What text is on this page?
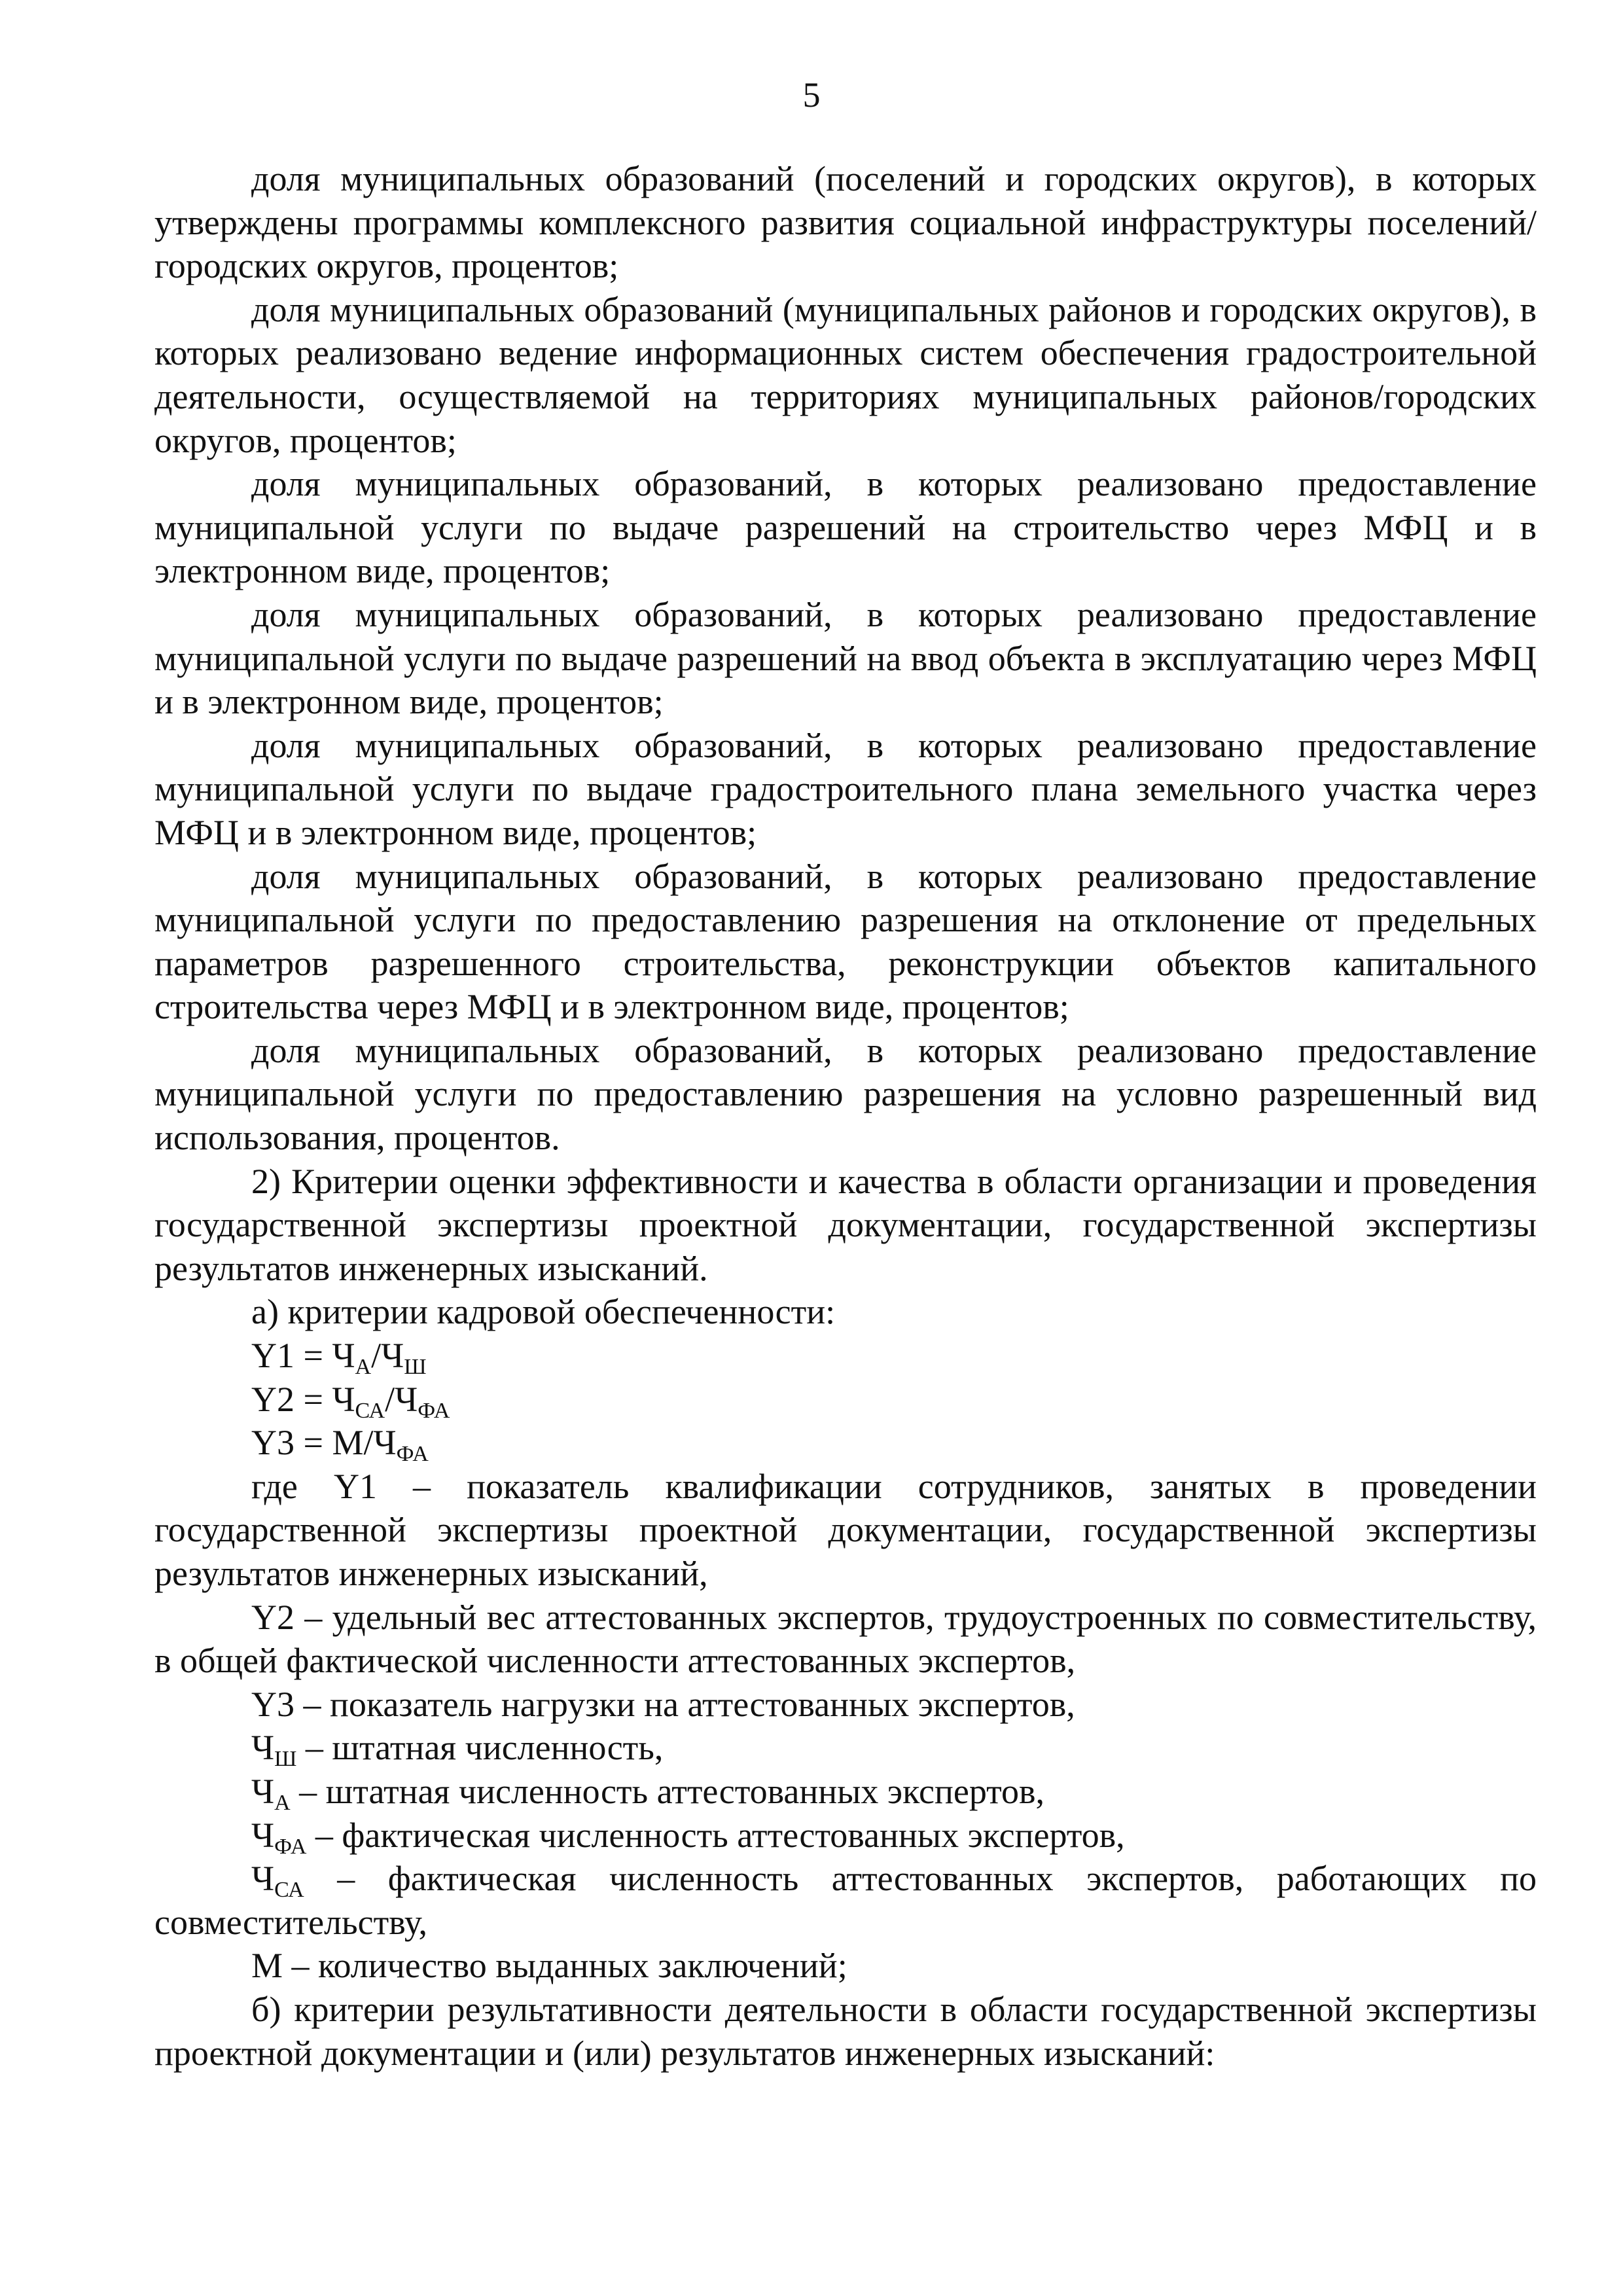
5

доля муниципальных образований (поселений и городских округов), в которых утверждены программы комплексного развития социальной инфраструктуры поселений/городских округов, процентов;

доля муниципальных образований (муниципальных районов и городских округов), в которых реализовано ведение информационных систем обеспечения градостроительной деятельности, осуществляемой на территориях муниципальных районов/городских округов, процентов;

доля муниципальных образований, в которых реализовано предоставление муниципальной услуги по выдаче разрешений на строительство через МФЦ и в электронном виде, процентов;

доля муниципальных образований, в которых реализовано предоставление муниципальной услуги по выдаче разрешений на ввод объекта в эксплуатацию через МФЦ и в электронном виде, процентов;

доля муниципальных образований, в которых реализовано предоставление муниципальной услуги по выдаче градостроительного плана земельного участка через МФЦ и в электронном виде, процентов;

доля муниципальных образований, в которых реализовано предоставление муниципальной услуги по предоставлению разрешения на отклонение от предельных параметров разрешенного строительства, реконструкции объектов капитального строительства через МФЦ и в электронном виде, процентов;

доля муниципальных образований, в которых реализовано предоставление муниципальной услуги по предоставлению разрешения на условно разрешенный вид использования, процентов.

2) Критерии оценки эффективности и качества в области организации и проведения государственной экспертизы проектной документации, государственной экспертизы результатов инженерных изысканий.

а) критерии кадровой обеспеченности:

$Y1 = Ч_А/Ч_Ш$

$Y2 = Ч_{СА}/Ч_{ФА}$

$Y3 = М/Ч_{ФА}$

где Y1 – показатель квалификации сотрудников, занятых в проведении государственной экспертизы проектной документации, государственной экспертизы результатов инженерных изысканий,

Y2 – удельный вес аттестованных экспертов, трудоустроенных по совместительству, в общей фактической численности аттестованных экспертов,

Y3 – показатель нагрузки на аттестованных экспертов,

$Ч_Ш$ – штатная численность,

$Ч_А$ – штатная численность аттестованных экспертов,

$Ч_{ФА}$ – фактическая численность аттестованных экспертов,

$Ч_{СА}$ – фактическая численность аттестованных экспертов, работающих по совместительству,

М – количество выданных заключений;

б) критерии результативности деятельности в области государственной экспертизы проектной документации и (или) результатов инженерных изысканий:
